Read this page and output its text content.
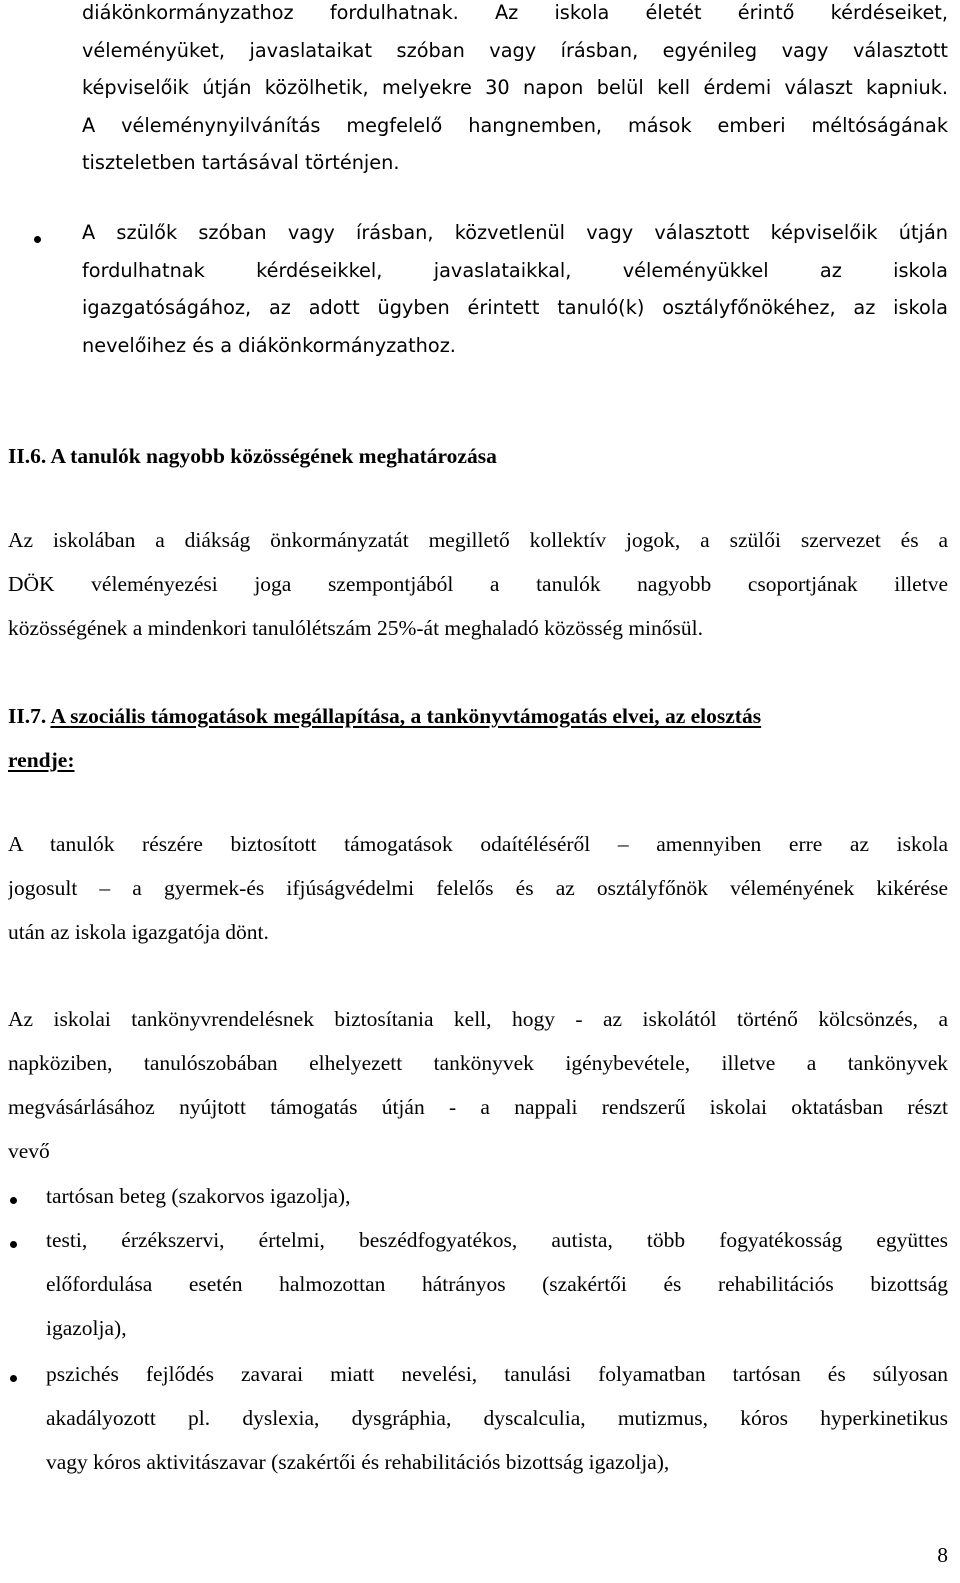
diákönkormányzathoz fordulhatnak. Az iskola életét érintő kérdéseiket,
véleményüket, javaslataikat szóban vagy írásban, egyénileg vagy választott
képviselőik útján közölhetik, melyekre 30 napon belül kell érdemi választ kapniuk.
A véleménynyilvánítás megfelelő hangnemben, mások emberi méltóságának
tiszteletben tartásával történjen.
A szülők szóban vagy írásban, közvetlenül vagy választott képviselőik útján
fordulhatnak kérdéseikkel, javaslataikkal, véleményükkel az iskola
igazgatóságához, az adott ügyben érintett tanuló(k) osztályfőnökéhez, az iskola
nevelőihez és a diákönkormányzathoz.
II.6. A tanulók nagyobb közösségének meghatározása
Az iskolában a diákság önkormányzatát megillető kollektív jogok, a szülői szervezet és a
DÖK véleményezési joga szempontjából a tanulók nagyobb csoportjának illetve
közösségének a mindenkori tanulólétszám 25%-át meghaladó közösség minősül.
II.7. A szociális támogatások megállapítása, a tankönyvtámogatás elvei, az elosztás
rendje:
A tanulók részére biztosított támogatások odaítéléséről – amennyiben erre az iskola
jogosult – a gyermek-és ifjúságvédelmi felelős és az osztályfőnök véleményének kikérése
után az iskola igazgatója dönt.
Az iskolai tankönyvrendelésnek biztosítania kell, hogy - az iskolától történő kölcsönzés, a
napköziben, tanulószobában elhelyezett tankönyvek igénybevétele, illetve a tankönyvek
megvásárlásához nyújtott támogatás útján - a nappali rendszerű iskolai oktatásban részt
vevő
tartósan beteg (szakorvos igazolja),
testi, érzékszervi, értelmi, beszédfogyatékos, autista, több fogyatékosság együttes
előfordulása esetén halmozottan hátrányos (szakértői és rehabilitációs bizottság
igazolja),
pszichés fejlődés zavarai miatt nevelési, tanulási folyamatban tartósan és súlyosan
akadályozott pl. dyslexia, dysgráphia, dyscalculia, mutizmus, kóros hyperkinetikus
vagy kóros aktivitászavar (szakértői és rehabilitációs bizottság igazolja),
8
